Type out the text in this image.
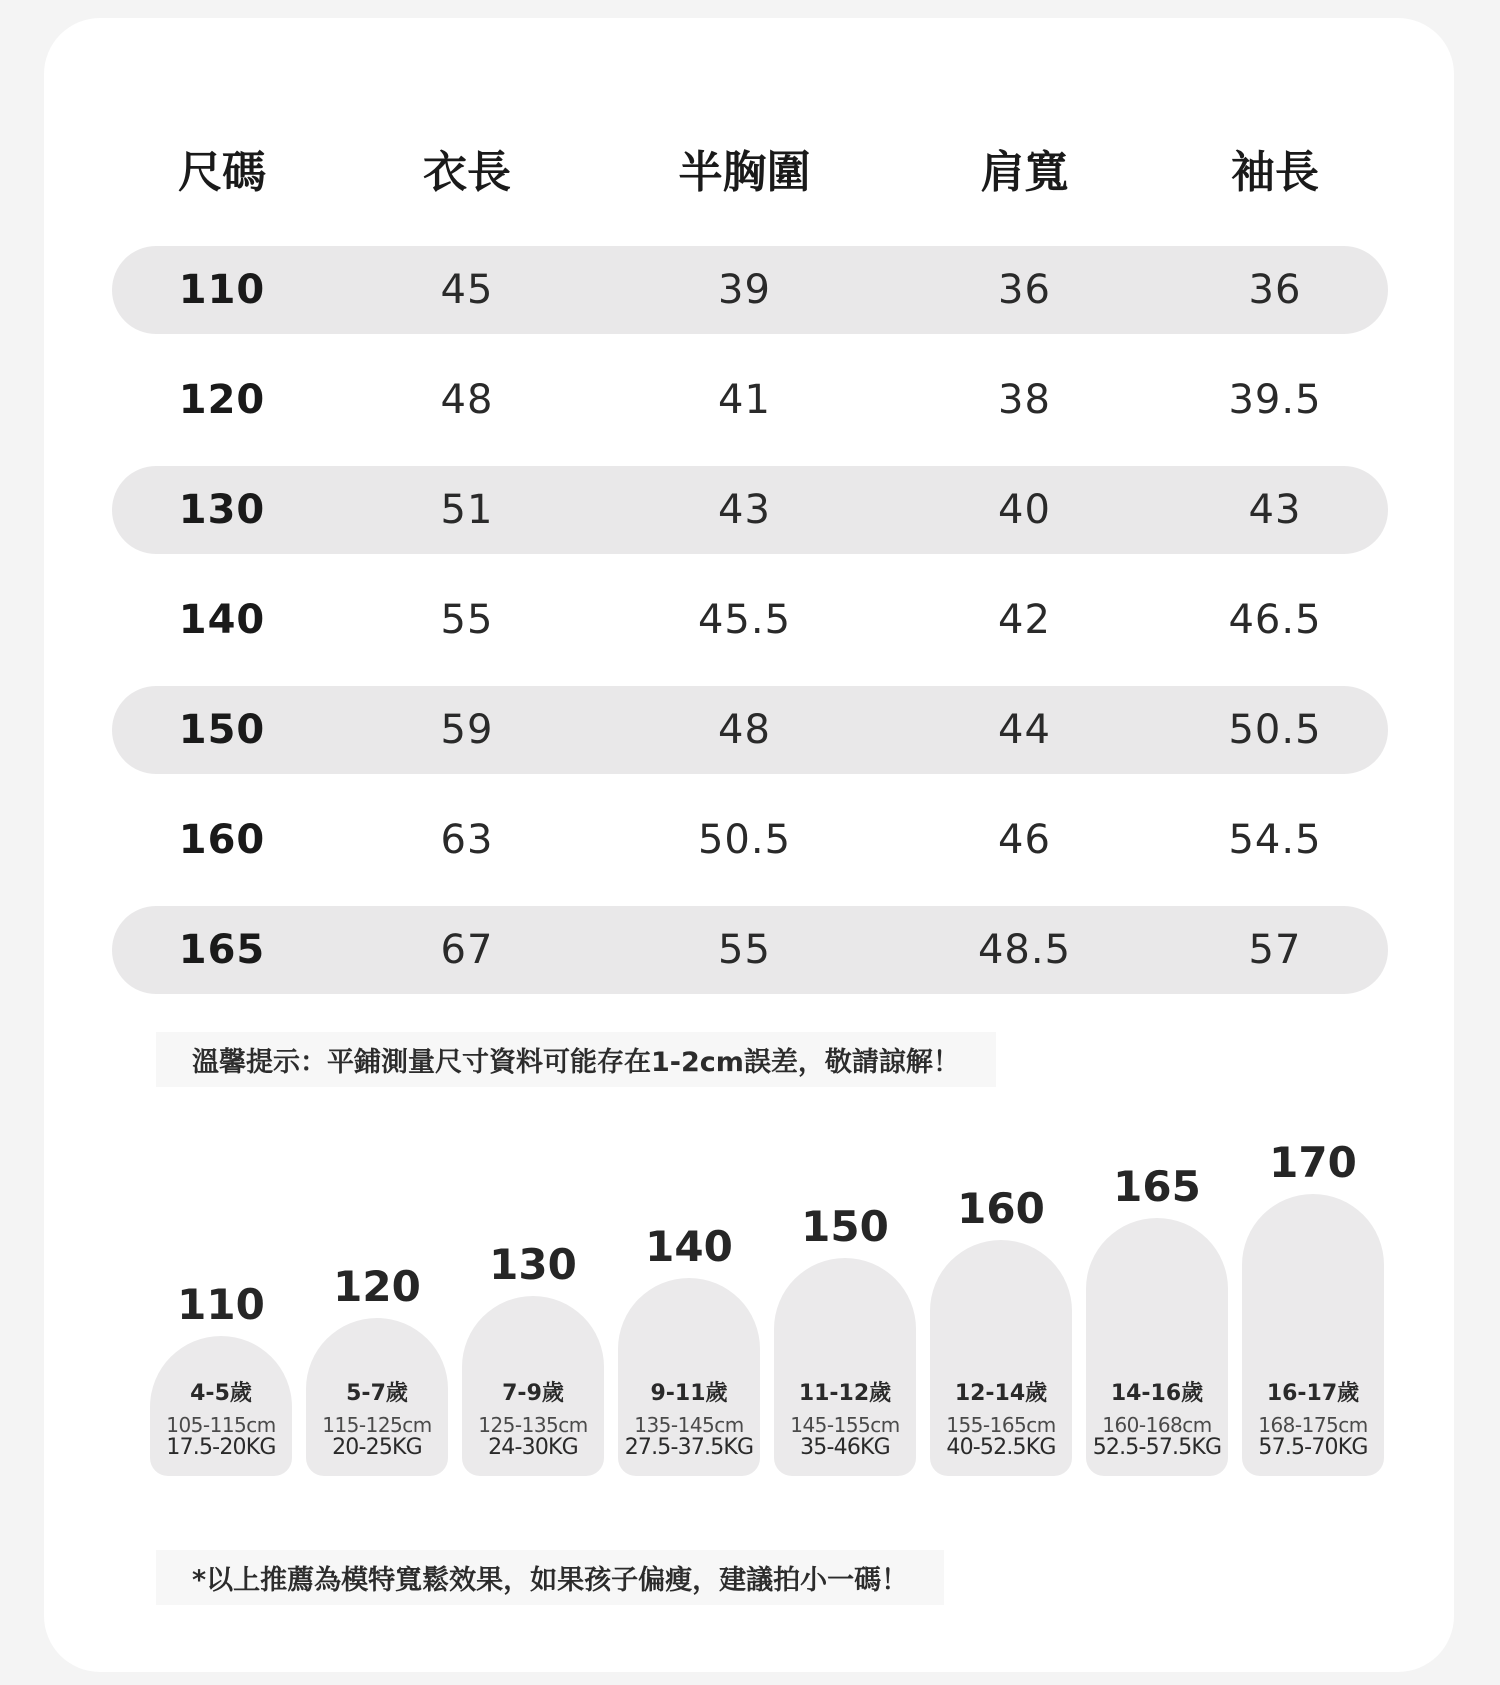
尺碼	衣長	半胸圍	肩寬	袖長
110	45	39	36	36
120	48	41	38	39.5
130	51	43	40	43
140	55	45.5	42	46.5
150	59	48	44	50.5
160	63	50.5	46	54.5
165	67	55	48.5	57
溫馨提示：平鋪測量尺寸資料可能存在1-2cm誤差，敬請諒解！
110
4-5歲
105-115cm
17.5-20KG
120
5-7歲
115-125cm
20-25KG
130
7-9歲
125-135cm
24-30KG
140
9-11歲
135-145cm
27.5-37.5KG
150
11-12歲
145-155cm
35-46KG
160
12-14歲
155-165cm
40-52.5KG
165
14-16歲
160-168cm
52.5-57.5KG
170
16-17歲
168-175cm
57.5-70KG
*以上推薦為模特寬鬆效果，如果孩子偏瘦，建議拍小一碼！
